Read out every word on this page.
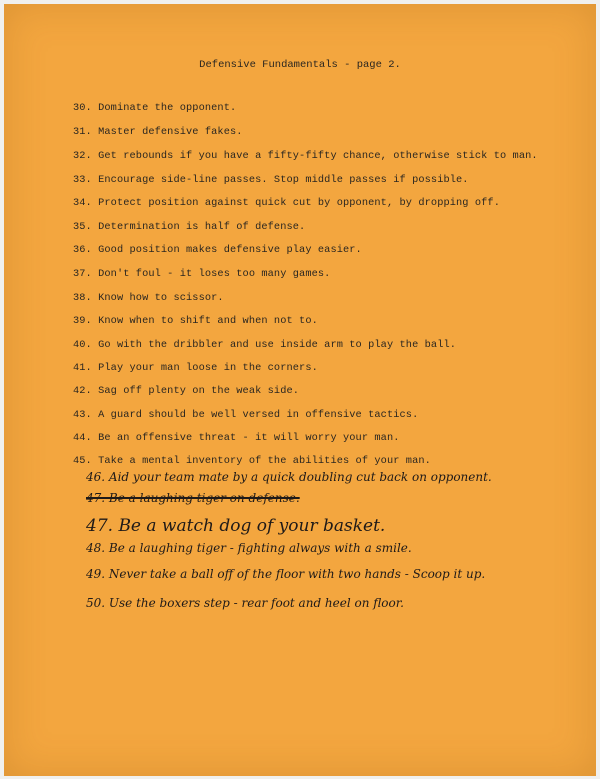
Defensive Fundamentals - page 2.
30. Dominate the opponent.
31. Master defensive fakes.
32. Get rebounds if you have a fifty-fifty chance, otherwise stick to man.
33. Encourage side-line passes. Stop middle passes if possible.
34. Protect position against quick cut by opponent, by dropping off.
35. Determination is half of defense.
36. Good position makes defensive play easier.
37. Don't foul - it loses too many games.
38. Know how to scissor.
39. Know when to shift and when not to.
40. Go with the dribbler and use inside arm to play the ball.
41. Play your man loose in the corners.
42. Sag off plenty on the weak side.
43. A guard should be well versed in offensive tactics.
44. Be an offensive threat - it will worry your man.
45. Take a mental inventory of the abilities of your man.
46. Aid your team mate by a quick doubling cut back on opponent.
47. Be a laughing tiger on defense.
47. Be a watch dog of your basket.
48. Be a laughing tiger - fighting always with a smile.
49. Never take a ball off of the floor with two hands - Scoop it up.
50. Use the boxers step - rear foot and heel on floor.
